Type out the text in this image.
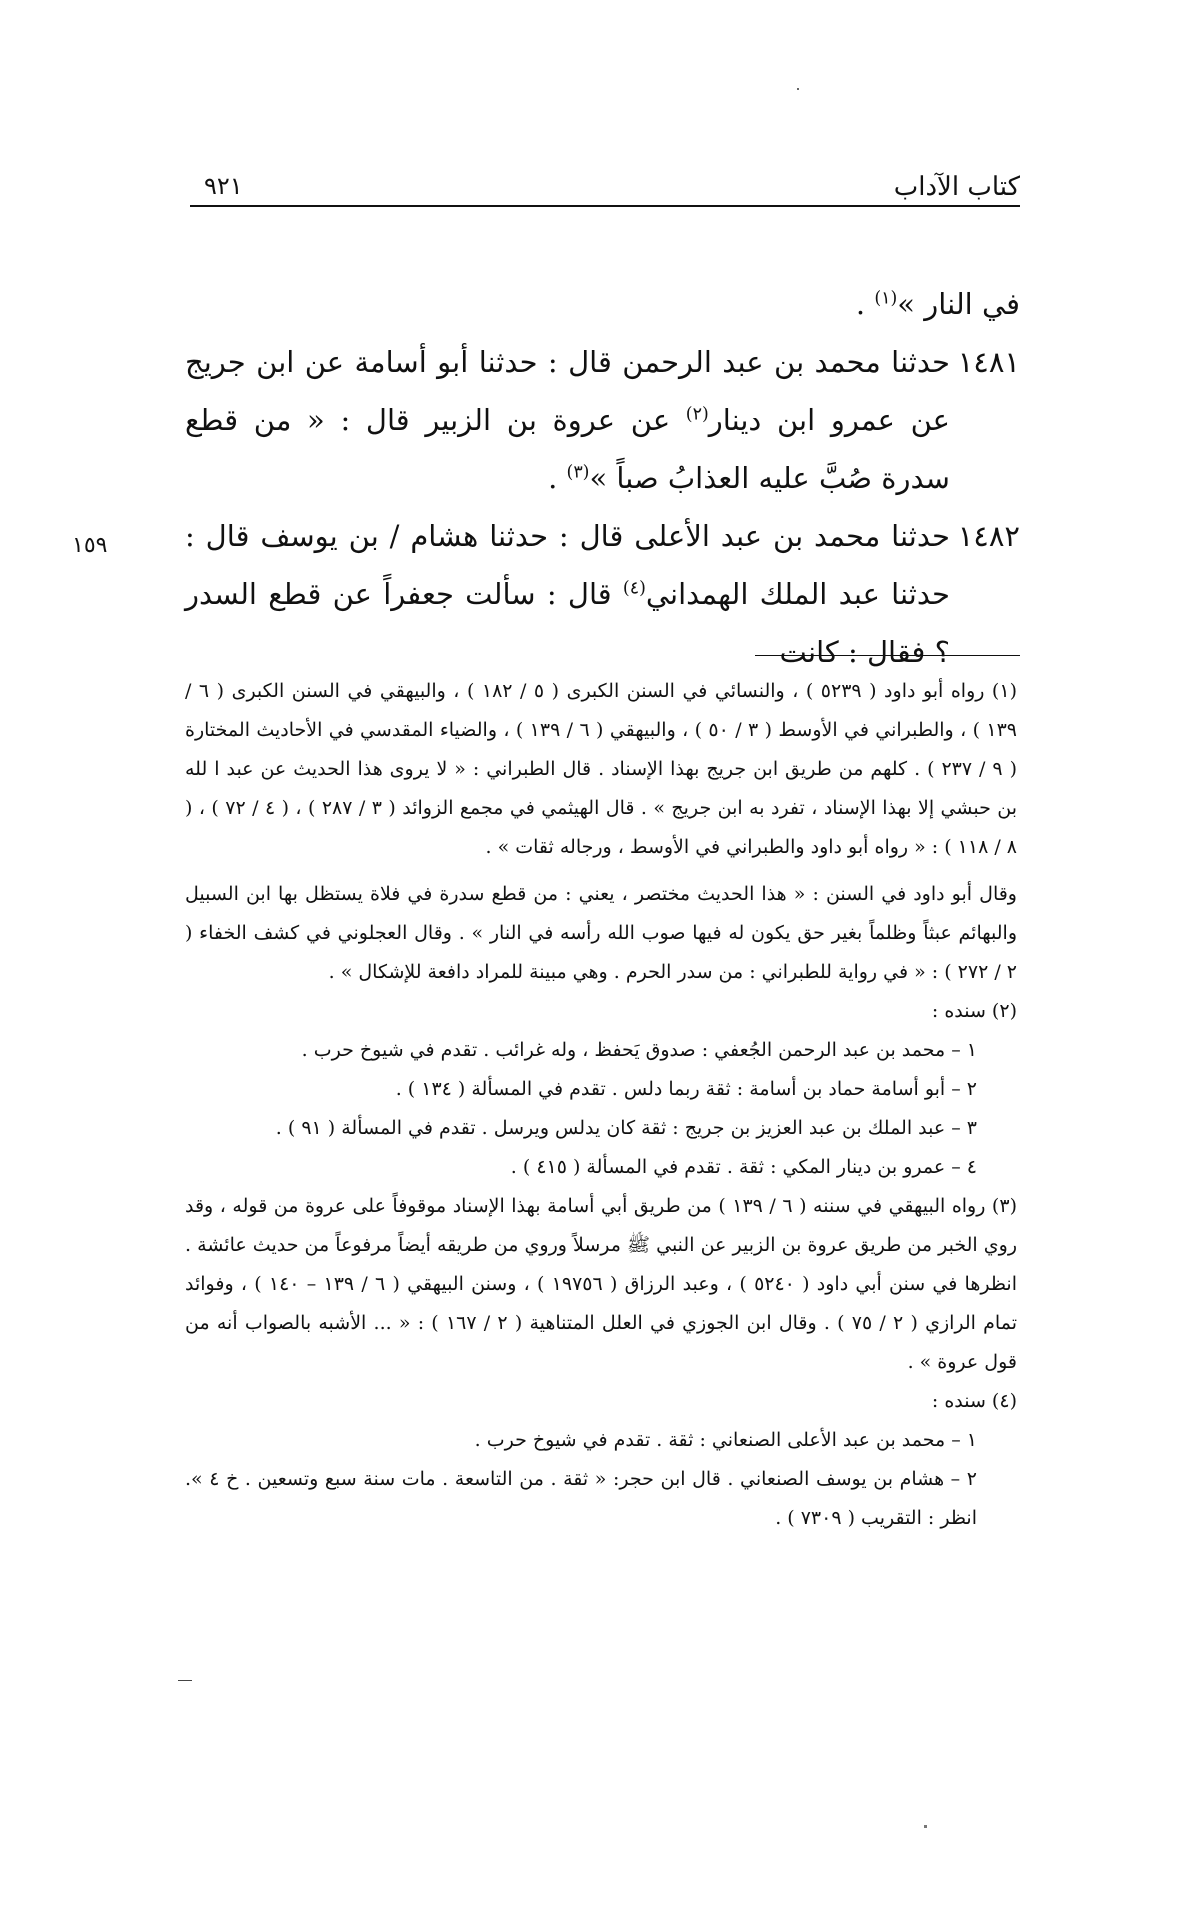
كتاب الآداب
٩٢١
١٥٩

في النار »$^{(١)}$ .

١٤٨١
حدثنا محمد بن عبد الرحمن قال : حدثنا أبو أسامة عن ابن جريج عن عمرو ابن دينار$^{(٢)}$ عن عروة بن الزبير قال : « من قطع سدرة صُبَّ عليه العذابُ صباً »$^{(٣)}$ .

١٤٨٢
حدثنا محمد بن عبد الأعلى قال : حدثنا هشام / بن يوسف قال : حدثنا عبد الملك الهمداني$^{(٤)}$ قال : سألت جعفراً عن قطع السدر ؟ فقال : كانت

(١) رواه أبو داود ( ٥٢٣٩ ) ، والنسائي في السنن الكبرى ( ٥ / ١٨٢ ) ، والبيهقي في السنن الكبرى ( ٦ / ١٣٩ ) ، والطبراني في الأوسط ( ٣ / ٥٠ ) ، والبيهقي ( ٦ / ١٣٩ ) ، والضياء المقدسي في الأحاديث المختارة ( ٩ / ٢٣٧ ) . كلهم من طريق ابن جريج بهذا الإسناد . قال الطبراني : « لا يروى هذا الحديث عن عبد ا لله بن حبشي إلا بهذا الإسناد ، تفرد به ابن جريج » . قال الهيثمي في مجمع الزوائد ( ٣ / ٢٨٧ ) ، ( ٤ / ٧٢ ) ، ( ٨ / ١١٨ ) : « رواه أبو داود والطبراني في الأوسط ، ورجاله ثقات » .

وقال أبو داود في السنن : « هذا الحديث مختصر ، يعني : من قطع سدرة في فلاة يستظل بها ابن السبيل والبهائم عبثاً وظلماً بغير حق يكون له فيها صوب الله رأسه في النار » . وقال العجلوني في كشف الخفاء ( ٢ / ٢٧٢ ) : « في رواية للطبراني : من سدر الحرم . وهي مبينة للمراد دافعة للإشكال » .

(٢) سنده :

١ – محمد بن عبد الرحمن الجُعفي : صدوق يَحفظ ، وله غرائب . تقدم في شيوخ حرب .

٢ – أبو أسامة حماد بن أسامة : ثقة ربما دلس . تقدم في المسألة ( ١٣٤ ) .

٣ – عبد الملك بن عبد العزيز بن جريج : ثقة كان يدلس ويرسل . تقدم في المسألة ( ٩١ ) .

٤ – عمرو بن دينار المكي : ثقة . تقدم في المسألة ( ٤١٥ ) .

(٣) رواه البيهقي في سننه ( ٦ / ١٣٩ ) من طريق أبي أسامة بهذا الإسناد موقوفاً على عروة من قوله ، وقد روي الخبر من طريق عروة بن الزبير عن النبي ﷺ مرسلاً وروي من طريقه أيضاً مرفوعاً من حديث عائشة . انظرها في سنن أبي داود ( ٥٢٤٠ ) ، وعبد الرزاق ( ١٩٧٥٦ ) ، وسنن البيهقي ( ٦ / ١٣٩ – ١٤٠ ) ، وفوائد تمام الرازي ( ٢ / ٧٥ ) . وقال ابن الجوزي في العلل المتناهية ( ٢ / ١٦٧ ) : « ... الأشبه بالصواب أنه من قول عروة » .

(٤) سنده :

١ – محمد بن عبد الأعلى الصنعاني : ثقة . تقدم في شيوخ حرب .

٢ – هشام بن يوسف الصنعاني . قال ابن حجر: « ثقة . من التاسعة . مات سنة سبع وتسعين . خ ٤ ». انظر : التقريب ( ٧٣٠٩ ) .
